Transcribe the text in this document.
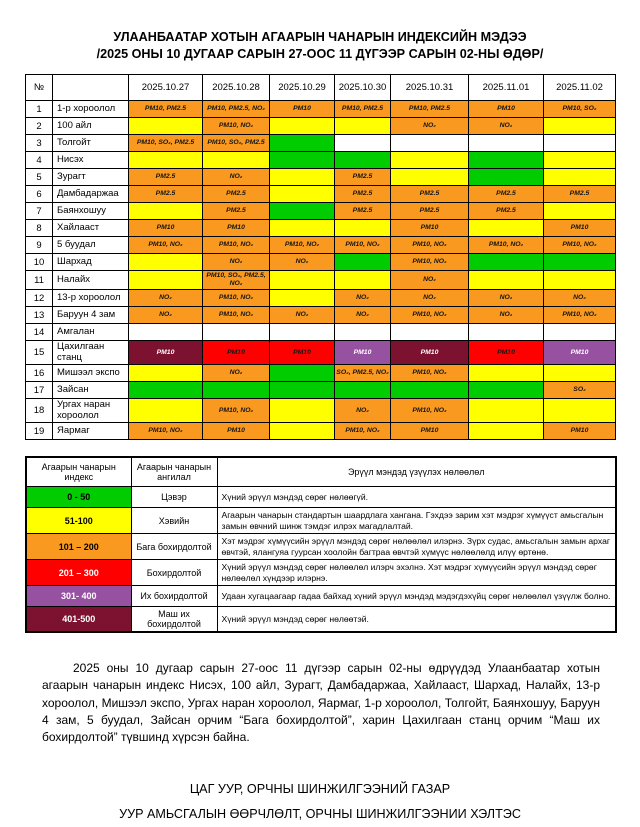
УЛААНБААТАР ХОТЫН АГААРЫН ЧАНАРЫН ИНДЕКСИЙН МЭДЭЭ
/2025 ОНЫ 10 ДУГААР САРЫН 27-ООС 11 ДҮГЭЭР САРЫН 02-НЫ ӨДӨР/
№		2025.10.27	2025.10.28	2025.10.29	2025.10.30	2025.10.31	2025.11.01	2025.11.02
1	1-р хороолол	PM10, PM2.5	PM10, PM2.5, NO₂	PM10	PM10, PM2.5	PM10, PM2.5	PM10	PM10, SO₂
2	100 айл		PM10, NO₂			NO₂	NO₂	
3	Толгойт	PM10, SO₂, PM2.5	PM10, SO₂, PM2.5					
4	Нисэх							
5	Зурагт	PM2.5	NO₂		PM2.5			
6	Дамбадаржаа	PM2.5	PM2.5		PM2.5	PM2.5	PM2.5	PM2.5
7	Баянхошуу		PM2.5		PM2.5	PM2.5	PM2.5	
8	Хайлааст	PM10	PM10			PM10		PM10
9	5 буудал	PM10, NO₂	PM10, NO₂	PM10, NO₂	PM10, NO₂	PM10, NO₂	PM10, NO₂	PM10, NO₂
10	Шархад		NO₂	NO₂		PM10, NO₂		
11	Налайх		PM10, SO₂, PM2.5, NO₂			NO₂		
12	13-р хороолол	NO₂	PM10, NO₂		NO₂	NO₂	NO₂	NO₂
13	Баруун 4 зам	NO₂	PM10, NO₂	NO₂	NO₂	PM10, NO₂	NO₂	PM10, NO₂
14	Амгалан							
15	Цахилгаан станц	PM10	PM10	PM10	PM10	PM10	PM10	PM10
16	Мишээл экспо		NO₂		SO₂, PM2.5, NO₂	PM10, NO₂		
17	Зайсан							SO₂
18	Ургах наран хороолол		PM10, NO₂		NO₂	PM10, NO₂		
19	Яармаг	PM10, NO₂	PM10		PM10, NO₂	PM10		PM10
Агаарын чанарын индекс	Агаарын чанарын ангилал	Эрүүл мэндэд үзүүлэх нөлөөлөл
0 - 50	Цэвэр	Хүний эрүүл мэндэд сөрөг нөлөөгүй.
51-100	Хэвийн	Агаарын чанарын стандартын шаардлага хангана. Гэхдээ зарим хэт мэдрэг хүмүүст амьсгалын замын өвчний шинж тэмдэг илрэх магадлалтай.
101 – 200	Бага бохирдолтой	Хэт мэдрэг хүмүүсийн эрүүл мэндэд сөрөг нөлөөлөл илэрнэ. Зүрх судас, амьсгалын замын архаг өвчтэй, ялангуяа гуурсан хоолойн багтраа өвчтэй хүмүүс нөлөөлөлд илүү өртөнө.
201 – 300	Бохирдолтой	Хүний эрүүл мэндэд сөрөг нөлөөлөл илэрч эхэлнэ. Хэт мэдрэг хүмүүсийн эрүүл мэндэд сөрөг нөлөөлөл хүндээр илэрнэ.
301- 400	Их бохирдолтой	Удаан хугацаагаар гадаа байхад хүний эрүүл мэндэд мэдэгдэхүйц сөрөг нөлөөлөл үзүүлж болно.
401-500	Маш их бохирдолтой	Хүний эрүүл мэндэд сөрөг нөлөөтэй.

2025 оны 10 дугаар сарын 27-оос 11 дүгээр сарын 02-ны өдрүүдэд Улаанбаатар хотын агаарын чанарын индекс Нисэх, 100 айл, Зурагт, Дамбадаржаа, Хайлааст, Шархад, Налайх, 13-р хороолол, Мишээл экспо, Ургах наран хороолол, Яармаг, 1-р хороолол, Толгойт, Баянхошуу, Баруун 4 зам, 5 буудал, Зайсан орчим “Бага бохирдолтой”, харин Цахилгаан станц орчим “Маш их бохирдолтой” түвшинд хүрсэн байна.

ЦАГ УУР, ОРЧНЫ ШИНЖИЛГЭЭНИЙ ГАЗАР
УУР АМЬСГАЛЫН ӨӨРЧЛӨЛТ, ОРЧНЫ ШИНЖИЛГЭЭНИИ ХЭЛТЭС
